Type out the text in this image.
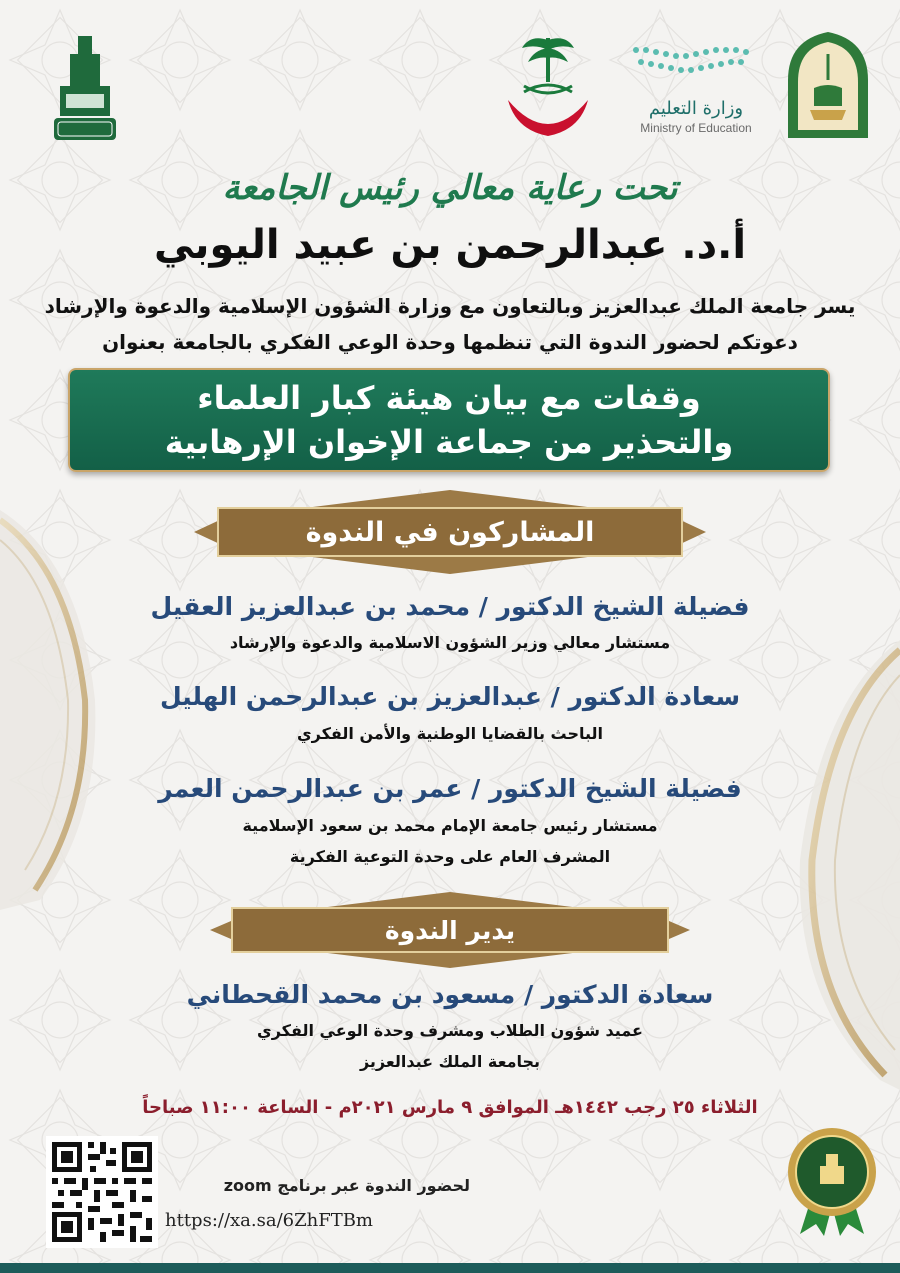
وزارة التعليم
Ministry of Education
تحت رعاية معالي رئيس الجامعة
أ.د. عبدالرحمن بن عبيد اليوبي
يسر جامعة الملك عبدالعزيز وبالتعاون مع وزارة الشؤون الإسلامية والدعوة والإرشاد
دعوتكم لحضور الندوة التي تنظمها وحدة الوعي الفكري بالجامعة بعنوان
وقفات مع بيان هيئة كبار العلماء
والتحذير من جماعة الإخوان الإرهابية
المشاركون في الندوة
فضيلة الشيخ الدكتور / محمد بن عبدالعزيز العقيل
مستشار معالي وزير الشؤون الاسلامية والدعوة والإرشاد
سعادة الدكتور / عبدالعزيز بن عبدالرحمن الهليل
الباحث بالقضايا الوطنية والأمن الفكري
فضيلة الشيخ الدكتور / عمر بن عبدالرحمن العمر
مستشار رئيس جامعة الإمام محمد بن سعود الإسلامية
المشرف العام على وحدة التوعية الفكرية
يدير الندوة
سعادة الدكتور / مسعود بن محمد القحطاني
عميد شؤون الطلاب ومشرف وحدة الوعي الفكري
بجامعة الملك عبدالعزيز
الثلاثاء ٢٥ رجب ١٤٤٢هـ الموافق ٩ مارس ٢٠٢١م - الساعة ١١:٠٠ صباحاً
لحضور الندوة عبر برنامج zoom
https://xa.sa/6ZhFTBm
